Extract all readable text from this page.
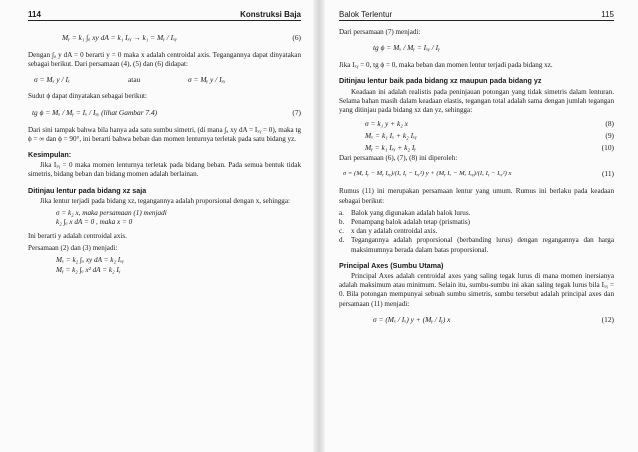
114	Konstruksi Baja
Mᵧ = k₁ ∫ₐ xy dA = k₁ Iₓᵧ → k₁ = Mᵧ / Iₓᵧ	(6)

Dengan ∫ₐ y dA = 0 berarti y = 0 maka x adalah centroidal axis. Tegangannya dapat dinyatakan sebagai berikut. Dari persamaan (4), (5) dan (6) didapat:

σ = Mₓ y / Iₓ	atau	σ = Mᵧ y / Iₓᵧ

Sudut ϕ dapat dinyatakan sebagai berikut:

tg ϕ = Mₓ / Mᵧ = Iₓ / Iₓᵧ (lihat Gambar 7.4)	(7)

Dari sini tampak bahwa bila hanya ada satu sumbu simetri, (di mana ∫ₐ xy dA = Iₓᵧ = 0), maka tg ϕ = ∞ dan ϕ = 90°, ini berarti bahwa beban dan momen lenturnya terletak pada satu bidang yz.

Kesimpulan:

Jika Iₓᵧ = 0 maka momen lenturnya terletak pada bidang beban. Pada semua bentuk tidak simetris, bidang beban dan bidang momen adalah berlainan.

Ditinjau lentur pada bidang xz saja

Jika lentur terjadi pada bidang xz, tegangannya adalah proporsional dengan x, sehingga:

σ = k₂ x, maka persamaan (1) menjadi
k₂ ∫ₐ x dA = 0 , maka x = 0

Ini berarti y adalah centroidal axis.

Persamaan (2) dan (3) menjadi:

Mₓ = k₂ ∫ₐ xy dA = k₂ Iₓᵧ
Mᵧ = k₂ ∫ₐ x² dA = k₂ Iᵧ
Balok Terlentur	115

Dari persamaan (7) menjadi:

tg ϕ = Mₓ / Mᵧ = Iₓᵧ / Iᵧ

Jika Iₓᵧ = 0, tg ϕ = 0, maka beban dan momen lentur terjadi pada bidang xz.

Ditinjau lentur baik pada bidang xz maupun pada bidang yz

Keadaan ini adalah realistis pada peninjauan potongan yang tidak simetris dalam lenturan. Selama bahan masih dalam keadaan elastis, tegangan total adalah sama dengan jumlah tegangan yang ditinjau pada bidang xz dan yz, sehingga:

σ = k₁ y + k₂ x	(8)
Mₓ = k₁ Iₓ + k₂ Iₓᵧ	(9)
Mᵧ = k₁ Iₓᵧ + k₂ Iᵧ	(10)

Dari persamaan (6), (7), (8) ini diperoleh:

σ = (Mₓ Iᵧ − Mᵧ Iₓᵧ)/(Iₓ Iᵧ − Iₓᵧ²) y + (Mᵧ Iₓ − Mₓ Iₓᵧ)/(Iₓ Iᵧ − Iₓᵧ²) x	(11)

Rumus (11) ini merupakan persamaan lentur yang umum. Rumus ini berlaku pada keadaan sebagai berikut:

a. Balok yang digunakan adalah balok lurus.
b. Penampang balok adalah tetap (prismatis)
c. x dan y adalah centroidal axis.
d. Tegangannya adalah proporsional (berbanding lurus) dengan regangannya dan harga maksimumnya berada dalam batas proporsional.
Principal Axes (Sumbu Utama)

Principal Axes adalah centroidal axes yang saling tegak lurus di mana momen inersianya adalah maksimum atau minimum. Selain itu, sumbu-sumbu ini akan saling tegak lurus bila Iₓᵧ = 0. Bila potongan mempunyai sebuah sumbu simetris, sumbu tersebut adalah principal axes dan persamaan (11) menjadi:

σ = (Mₓ / Iₓ) y + (Mᵧ / Iᵧ) x	(12)
